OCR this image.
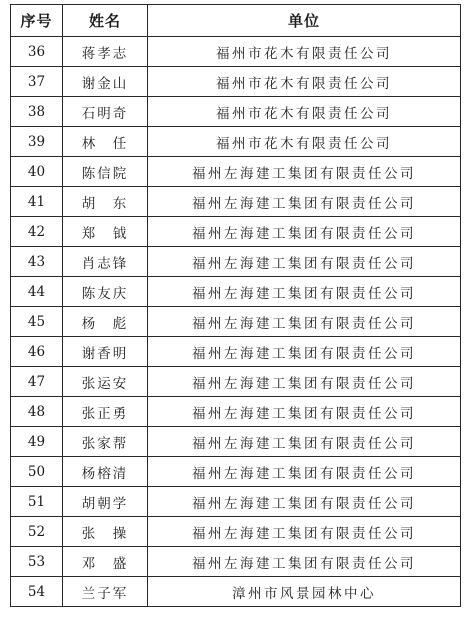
序号	姓名	单位
36	蒋孝志	福州市花木有限责任公司
37	谢金山	福州市花木有限责任公司
38	石明奇	福州市花木有限责任公司
39	林　任	福州市花木有限责任公司
40	陈信院	福州左海建工集团有限责任公司
41	胡　东	福州左海建工集团有限责任公司
42	郑　钺	福州左海建工集团有限责任公司
43	肖志锋	福州左海建工集团有限责任公司
44	陈友庆	福州左海建工集团有限责任公司
45	杨　彪	福州左海建工集团有限责任公司
46	谢香明	福州左海建工集团有限责任公司
47	张运安	福州左海建工集团有限责任公司
48	张正勇	福州左海建工集团有限责任公司
49	张家帮	福州左海建工集团有限责任公司
50	杨榕清	福州左海建工集团有限责任公司
51	胡朝学	福州左海建工集团有限责任公司
52	张　操	福州左海建工集团有限责任公司
53	邓　盛	福州左海建工集团有限责任公司
54	兰子军	漳州市风景园林中心
